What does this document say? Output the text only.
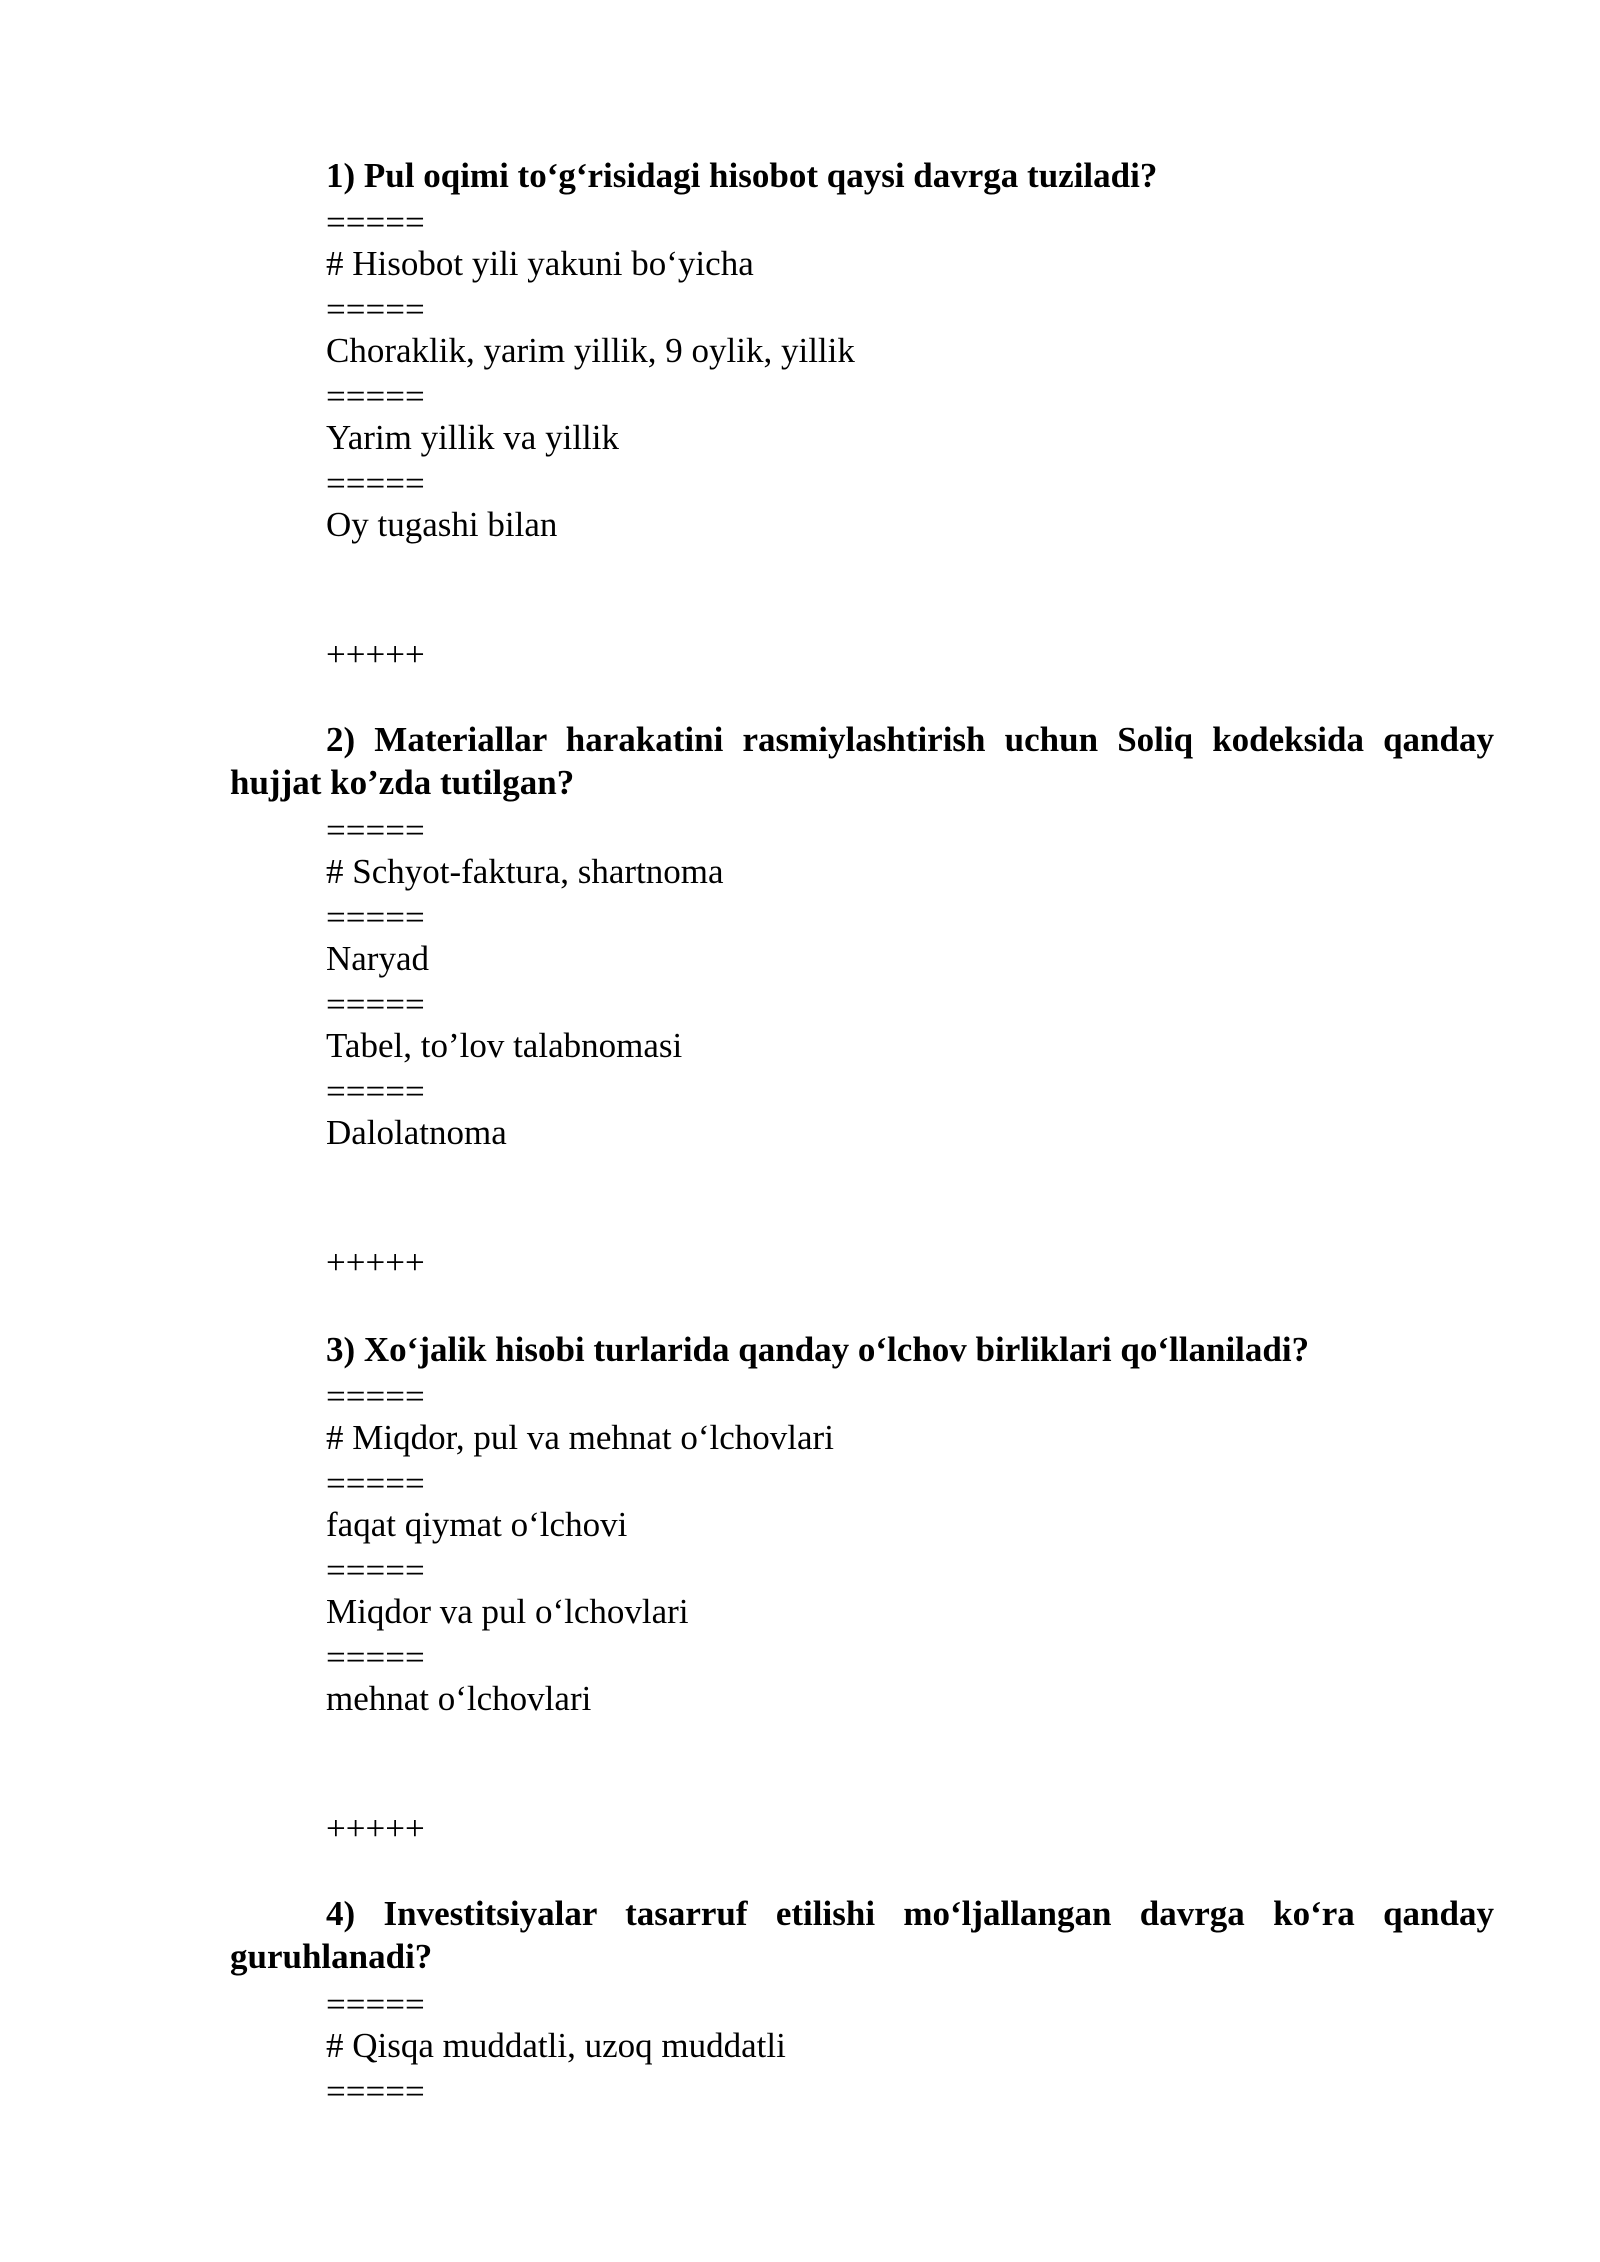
1) Pul oqimi to‘g‘risidagi hisobot qaysi davrga tuziladi?

=====

# Hisobot yili yakuni bo‘yicha

=====

Choraklik, yarim yillik, 9 oylik, yillik

=====

Yarim yillik va yillik

=====

Oy tugashi bilan

+++++

2) Materiallar harakatini rasmiylashtirish uchun Soliq kodeksida qanday hujjat ko’zda tutilgan?

=====

# Schyot-faktura, shartnoma

=====

Naryad

=====

Tabel, to’lov talabnomasi

=====

Dalolatnoma

+++++

3) Xo‘jalik hisobi turlarida qanday o‘lchov birliklari qo‘llaniladi?

=====

# Miqdor, pul va mehnat o‘lchovlari

=====

faqat qiymat o‘lchovi

=====

Miqdor va pul o‘lchovlari

=====

mehnat o‘lchovlari

+++++

4) Investitsiyalar tasarruf etilishi mo‘ljallangan davrga ko‘ra qanday guruhlanadi?

=====

# Qisqa muddatli, uzoq muddatli

=====
